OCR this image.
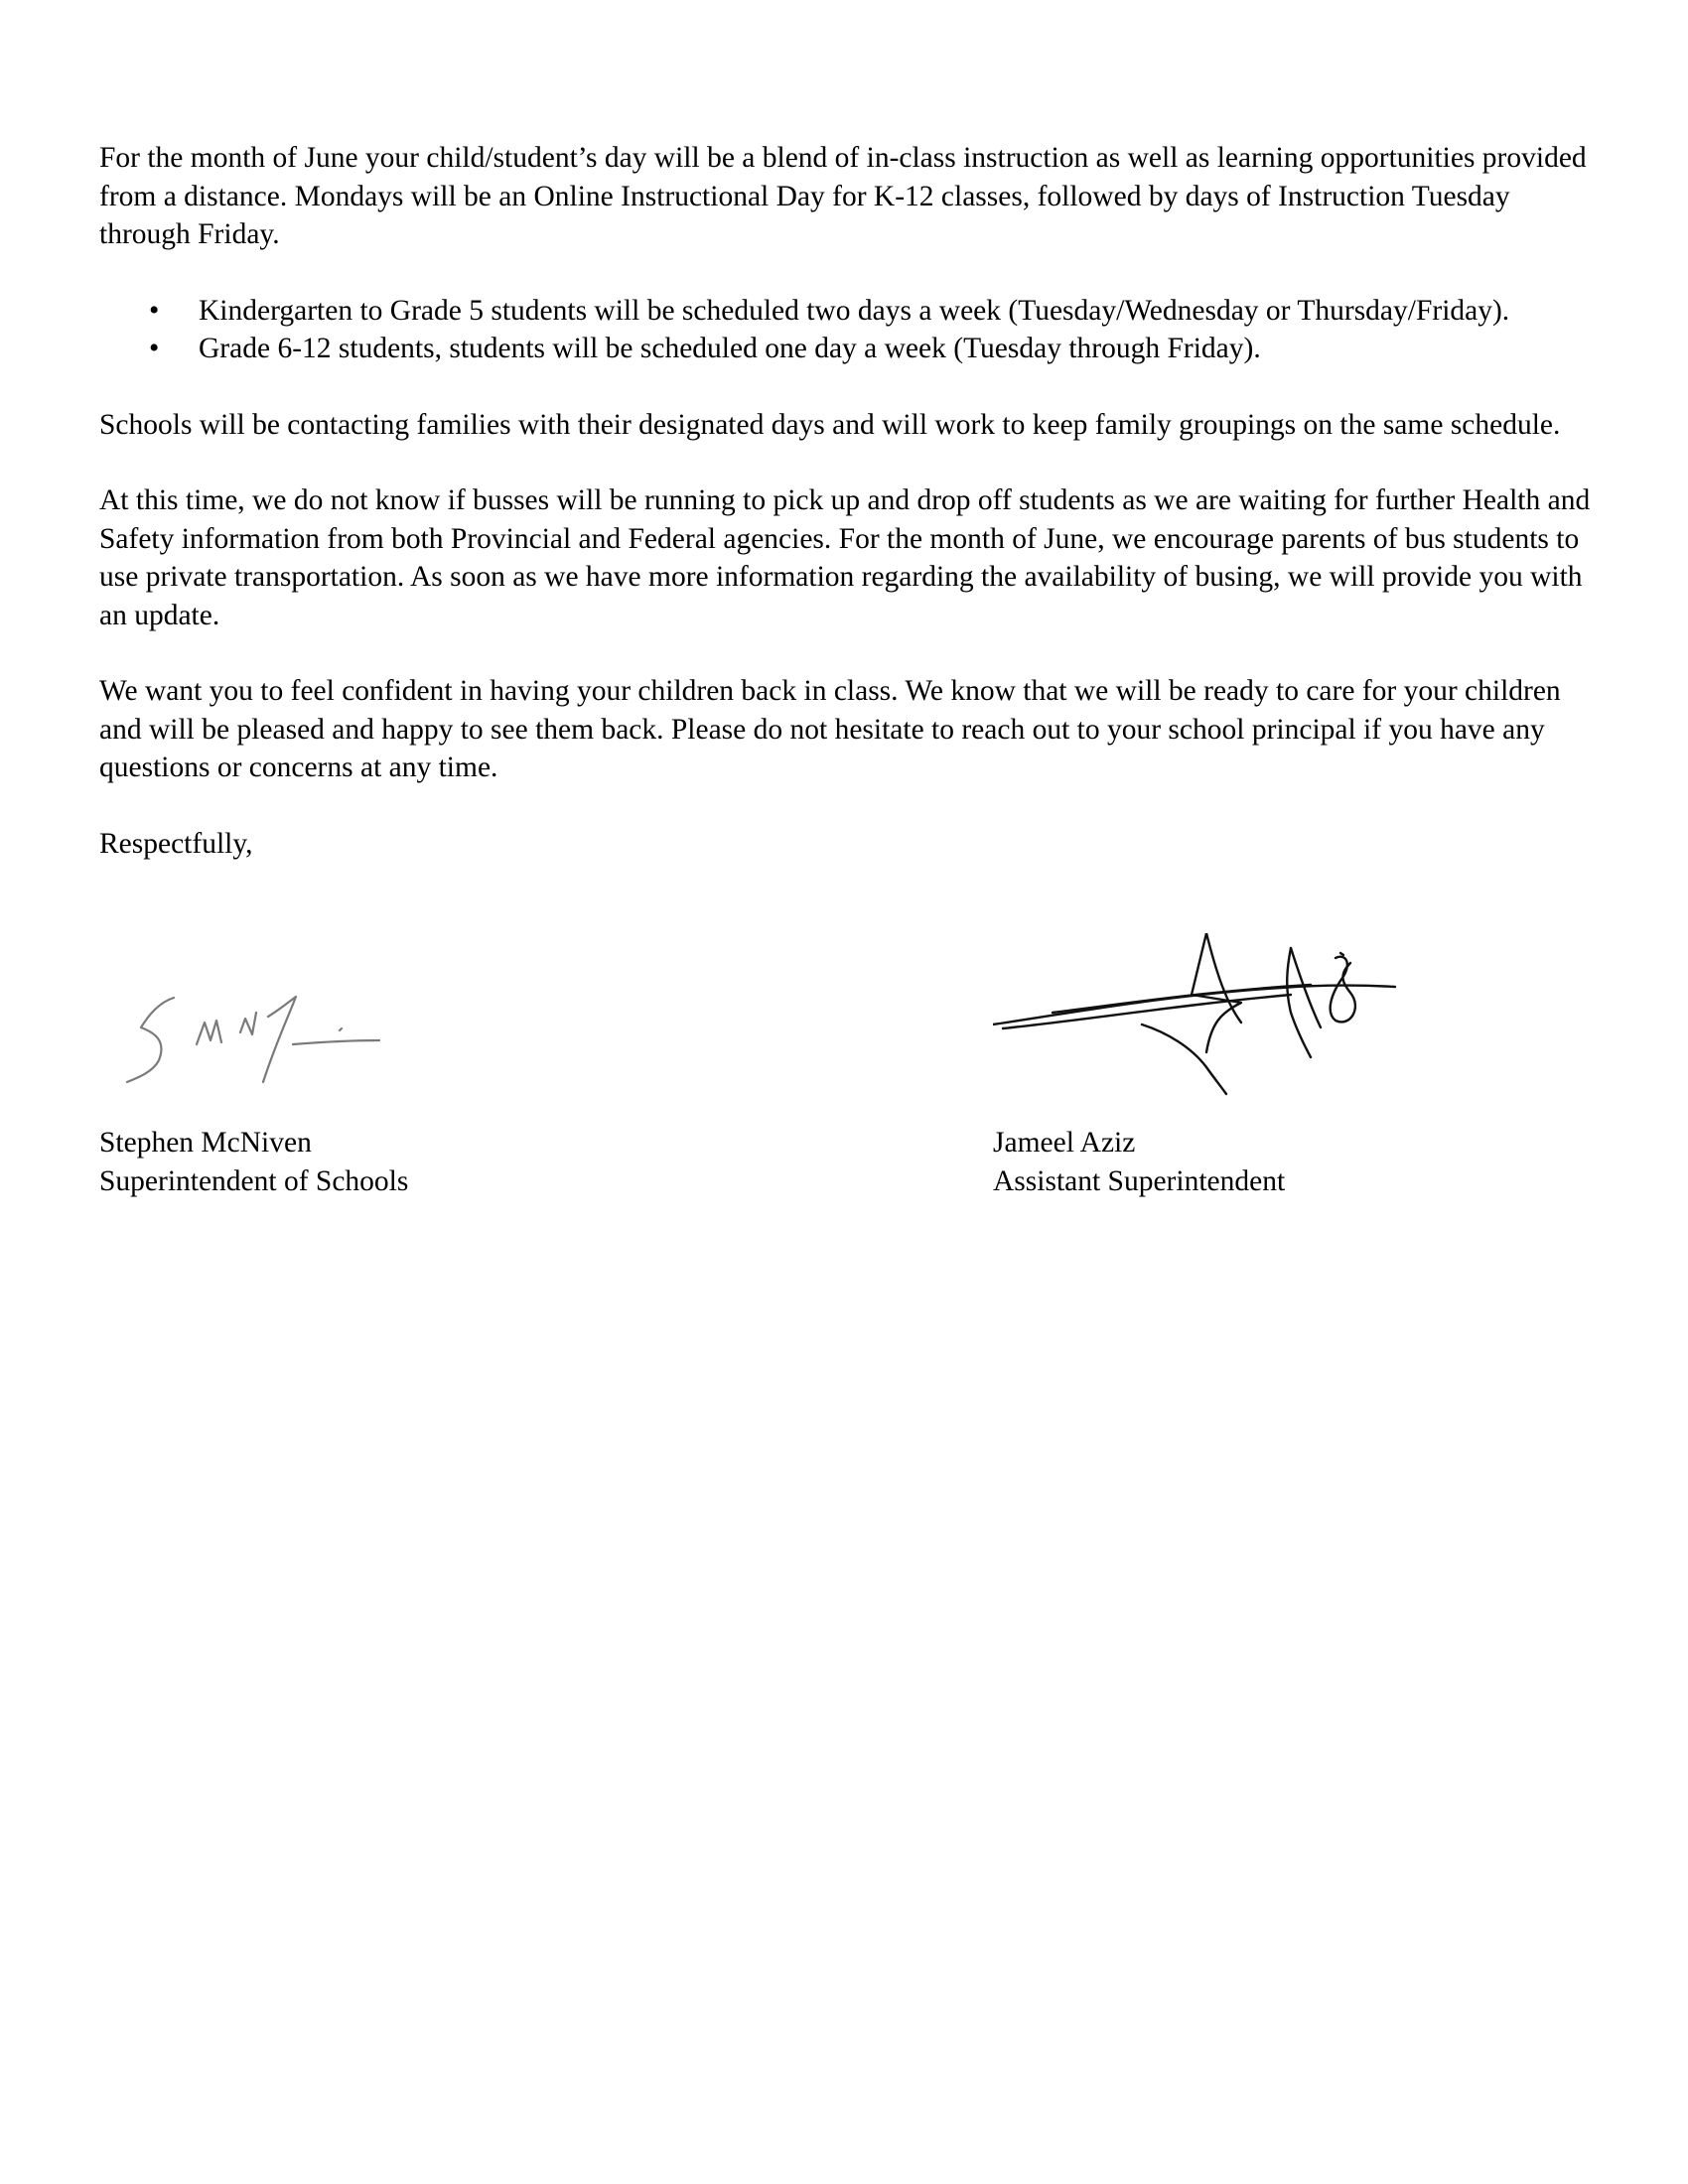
For the month of June your child/student’s day will be a blend of in-class instruction as well as learning opportunities provided from a distance. Mondays will be an Online Instructional Day for K-12 classes, followed by days of Instruction Tuesday through Friday.

• Kindergarten to Grade 5 students will be scheduled two days a week (Tuesday/Wednesday or Thursday/Friday).
• Grade 6-12 students, students will be scheduled one day a week (Tuesday through Friday).

Schools will be contacting families with their designated days and will work to keep family groupings on the same schedule.

At this time, we do not know if busses will be running to pick up and drop off students as we are waiting for further Health and Safety information from both Provincial and Federal agencies. For the month of June, we encourage parents of bus students to use private transportation. As soon as we have more information regarding the availability of busing, we will provide you with an update.

We want you to feel confident in having your children back in class. We know that we will be ready to care for your children and will be pleased and happy to see them back. Please do not hesitate to reach out to your school principal if you have any questions or concerns at any time.

Respectfully,

Stephen McNiven
Superintendent of Schools
Jameel Aziz
Assistant Superintendent
